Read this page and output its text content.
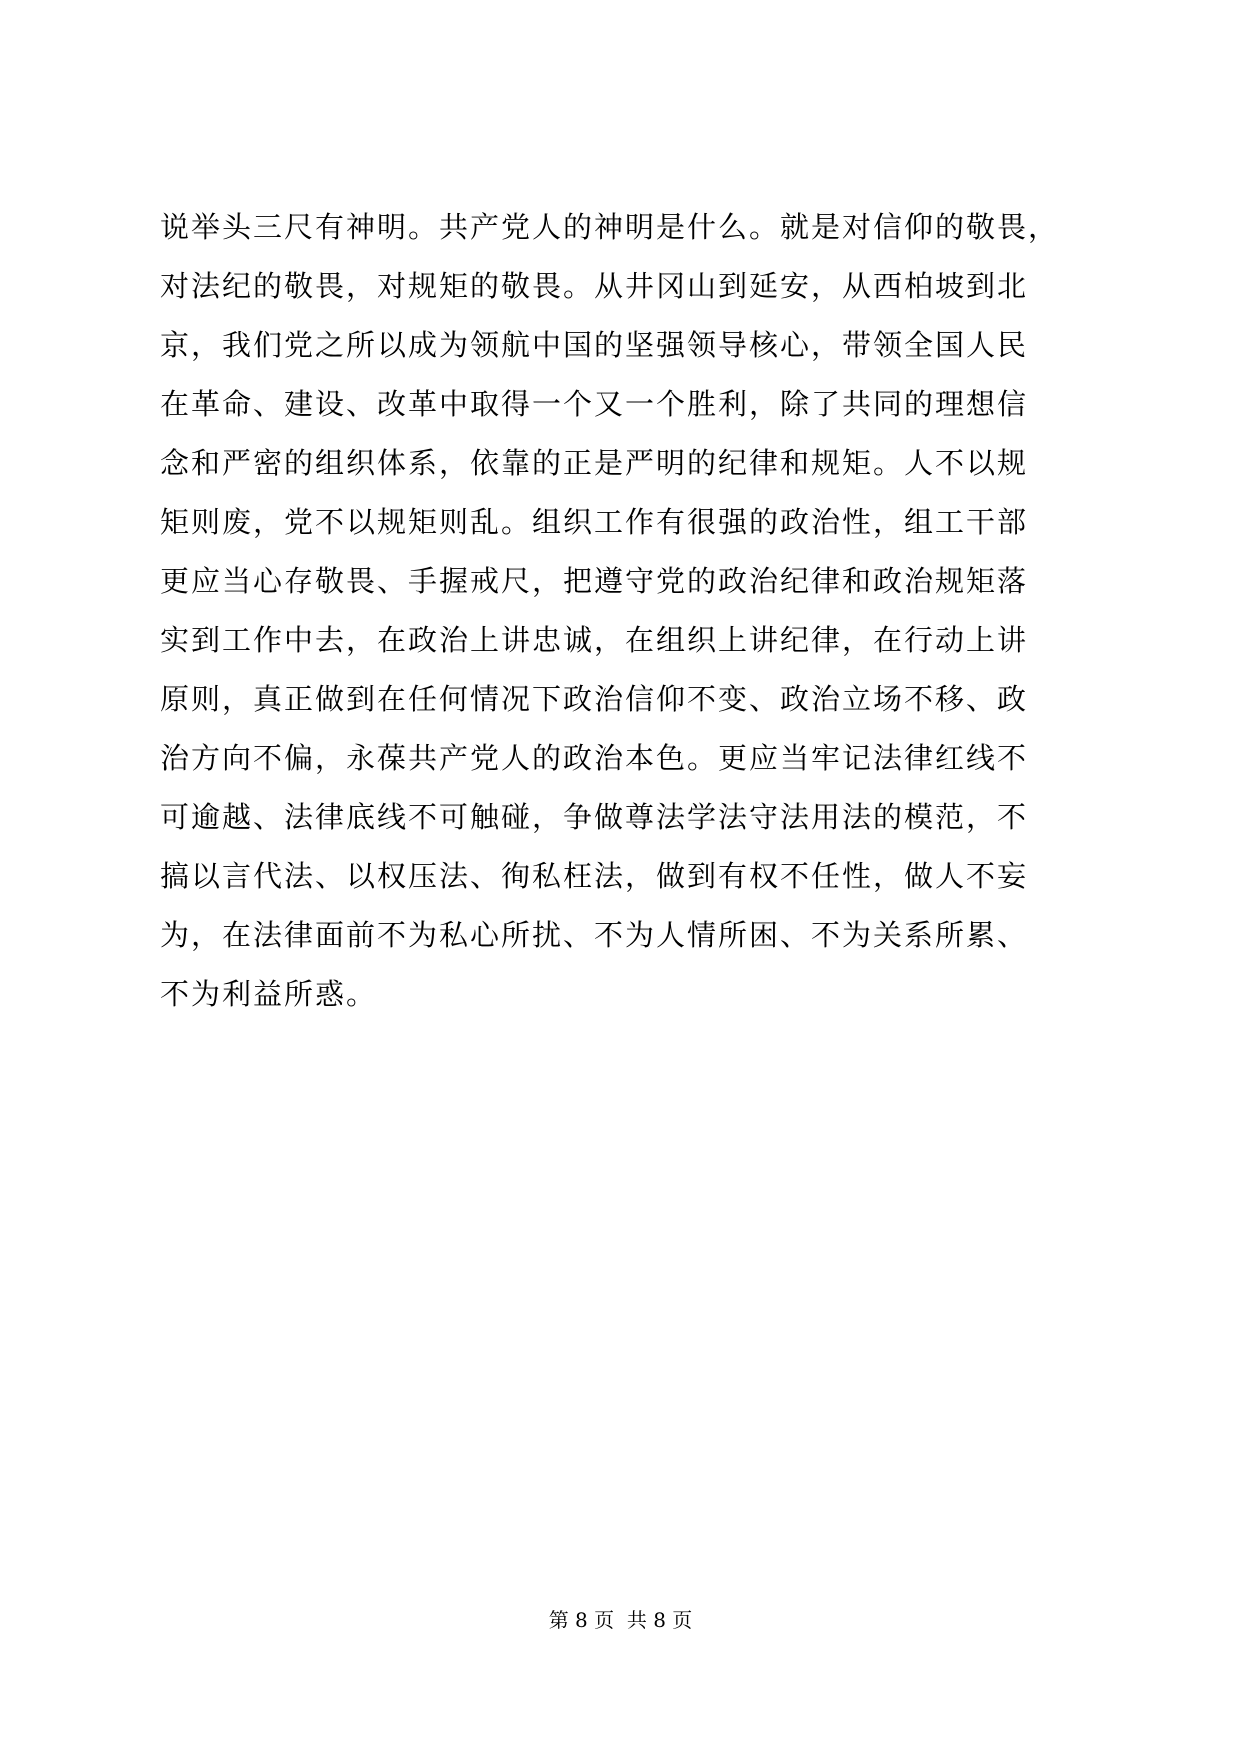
说举头三尺有神明。共产党人的神明是什么。就是对信仰的敬畏，
对法纪的敬畏，对规矩的敬畏。从井冈山到延安，从西柏坡到北
京，我们党之所以成为领航中国的坚强领导核心，带领全国人民
在革命、建设、改革中取得一个又一个胜利，除了共同的理想信
念和严密的组织体系，依靠的正是严明的纪律和规矩。人不以规
矩则废，党不以规矩则乱。组织工作有很强的政治性，组工干部
更应当心存敬畏、手握戒尺，把遵守党的政治纪律和政治规矩落
实到工作中去，在政治上讲忠诚，在组织上讲纪律，在行动上讲
原则，真正做到在任何情况下政治信仰不变、政治立场不移、政
治方向不偏，永葆共产党人的政治本色。更应当牢记法律红线不
可逾越、法律底线不可触碰，争做尊法学法守法用法的模范，不
搞以言代法、以权压法、徇私枉法，做到有权不任性，做人不妄
为，在法律面前不为私心所扰、不为人情所困、不为关系所累、
不为利益所惑。
第 8 页 共 8 页
